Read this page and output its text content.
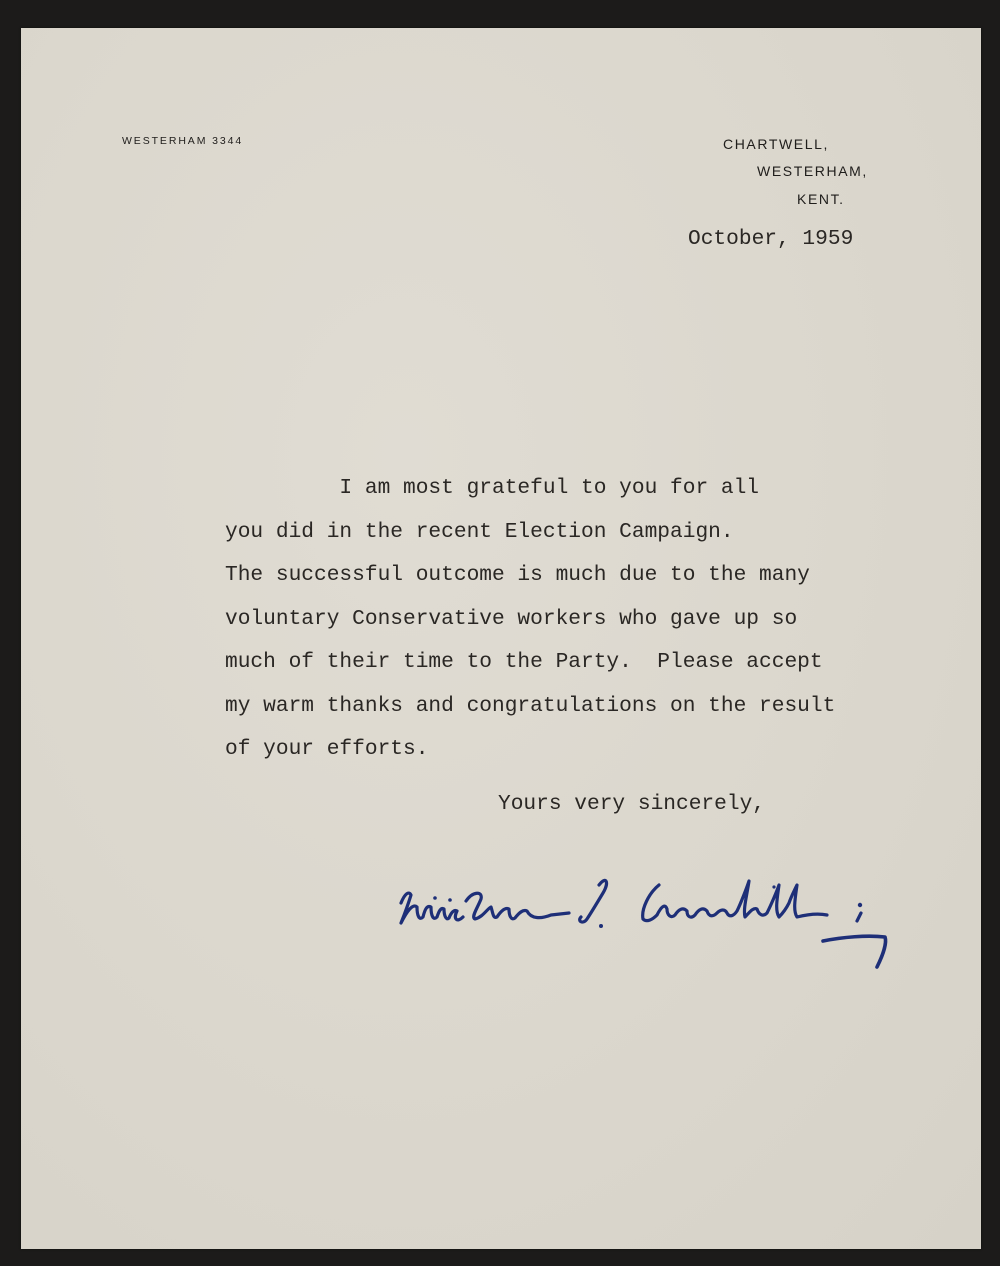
WESTERHAM 3344	CHARTWELL,
WESTERHAM,
KENT.
October, 1959
I am most grateful to you for all
you did in the recent Election Campaign.
The successful outcome is much due to the many
voluntary Conservative workers who gave up so
much of their time to the Party.  Please accept
my warm thanks and congratulations on the result
of your efforts.
Yours very sincerely,
